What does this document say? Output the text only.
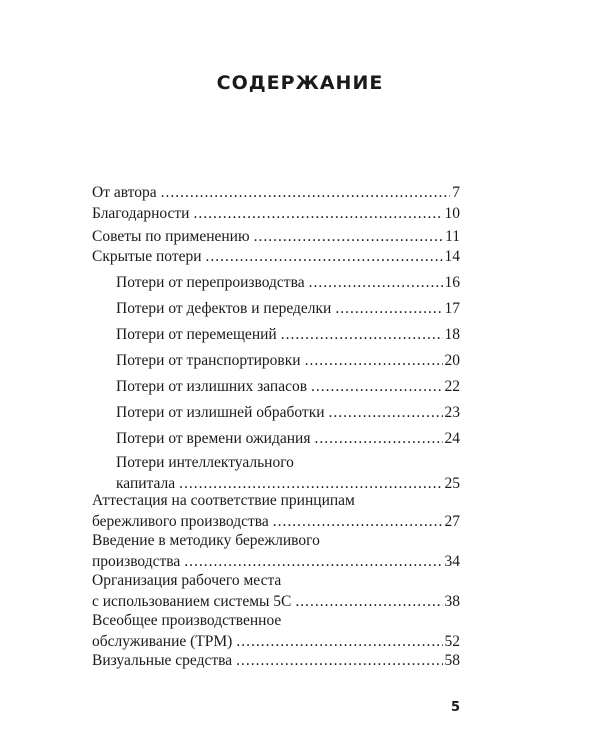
СОДЕРЖАНИЕ
От автора .....	7
Благодарности .....	10
Советы по применению .....	11
Скрытые потери .....	14
Потери от перепроизводства .....	16
Потери от дефектов и переделки .....	17
Потери от перемещений .....	18
Потери от транспортировки .....	20
Потери от излишних запасов .....	22
Потери от излишней обработки .....	23
Потери от времени ожидания .....	24
Потери интеллектуального
капитала .....	25
Аттестация на соответствие принципам
бережливого производства .....	27
Введение в методику бережливого
производства .....	34
Организация рабочего места
с использованием системы 5С .....	38
Всеобщее производственное
обслуживание (ТРМ) .....	52
Визуальные средства .....	58
5
